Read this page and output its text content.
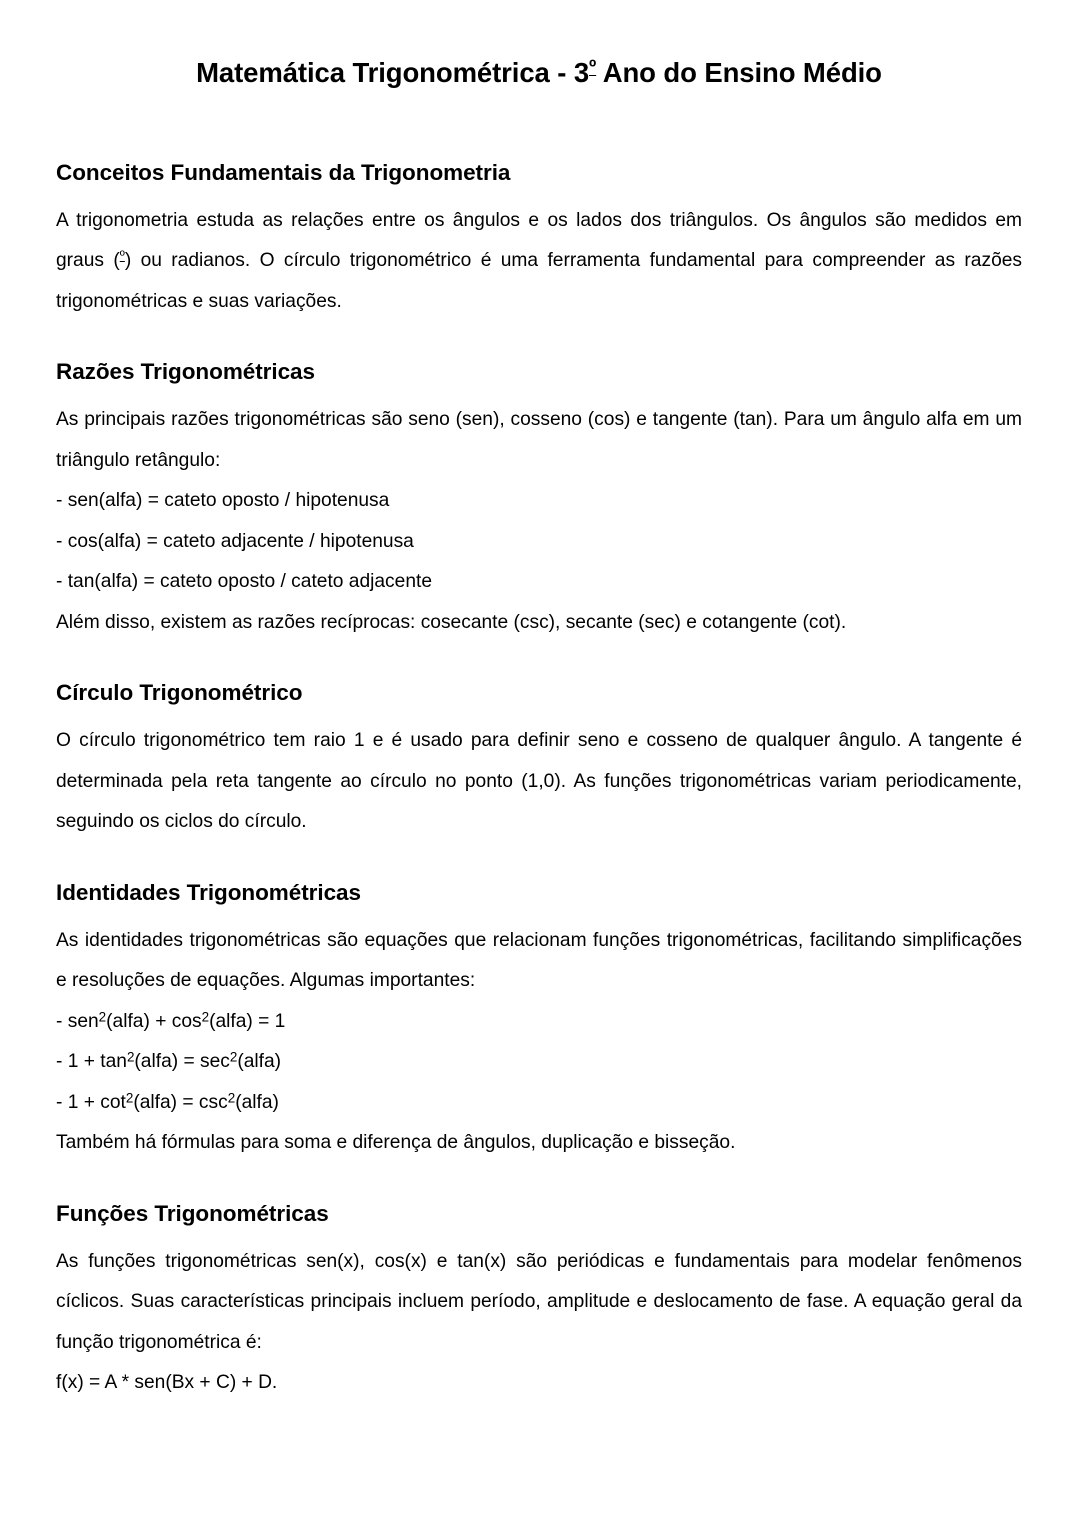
Matemática Trigonométrica - $3^º$ Ano do Ensino Médio
Conceitos Fundamentais da Trigonometria

A trigonometria estuda as relações entre os ângulos e os lados dos triângulos. Os ângulos são medidos em graus ($^º$) ou radianos. O círculo trigonométrico é uma ferramenta fundamental para compreender as razões trigonométricas e suas variações.

Razões Trigonométricas

As principais razões trigonométricas são seno (sen), cosseno (cos) e tangente (tan). Para um ângulo alfa em um triângulo retângulo:

- sen(alfa) = cateto oposto / hipotenusa

- cos(alfa) = cateto adjacente / hipotenusa

- tan(alfa) = cateto oposto / cateto adjacente

Além disso, existem as razões recíprocas: cosecante (csc), secante (sec) e cotangente (cot).

Círculo Trigonométrico

O círculo trigonométrico tem raio 1 e é usado para definir seno e cosseno de qualquer ângulo. A tangente é determinada pela reta tangente ao círculo no ponto (1,0). As funções trigonométricas variam periodicamente, seguindo os ciclos do círculo.

Identidades Trigonométricas

As identidades trigonométricas são equações que relacionam funções trigonométricas, facilitando simplificações e resoluções de equações. Algumas importantes:

- sen$^2$(alfa) + $\cos^2(alfa) = 1$

- $1 + \tan^2(alfa)$ = $\sec^2(alfa)$

- $1 + \cot^2(alfa)$ = $\csc^2(alfa)$

Também há fórmulas para soma e diferença de ângulos, duplicação e bisseção.

Funções Trigonométricas

As funções trigonométricas sen(x), cos(x) e tan(x) são periódicas e fundamentais para modelar fenômenos cíclicos. Suas características principais incluem período, amplitude e deslocamento de fase. A equação geral da função trigonométrica é:

f(x) = A * sen(Bx + C) + D.
